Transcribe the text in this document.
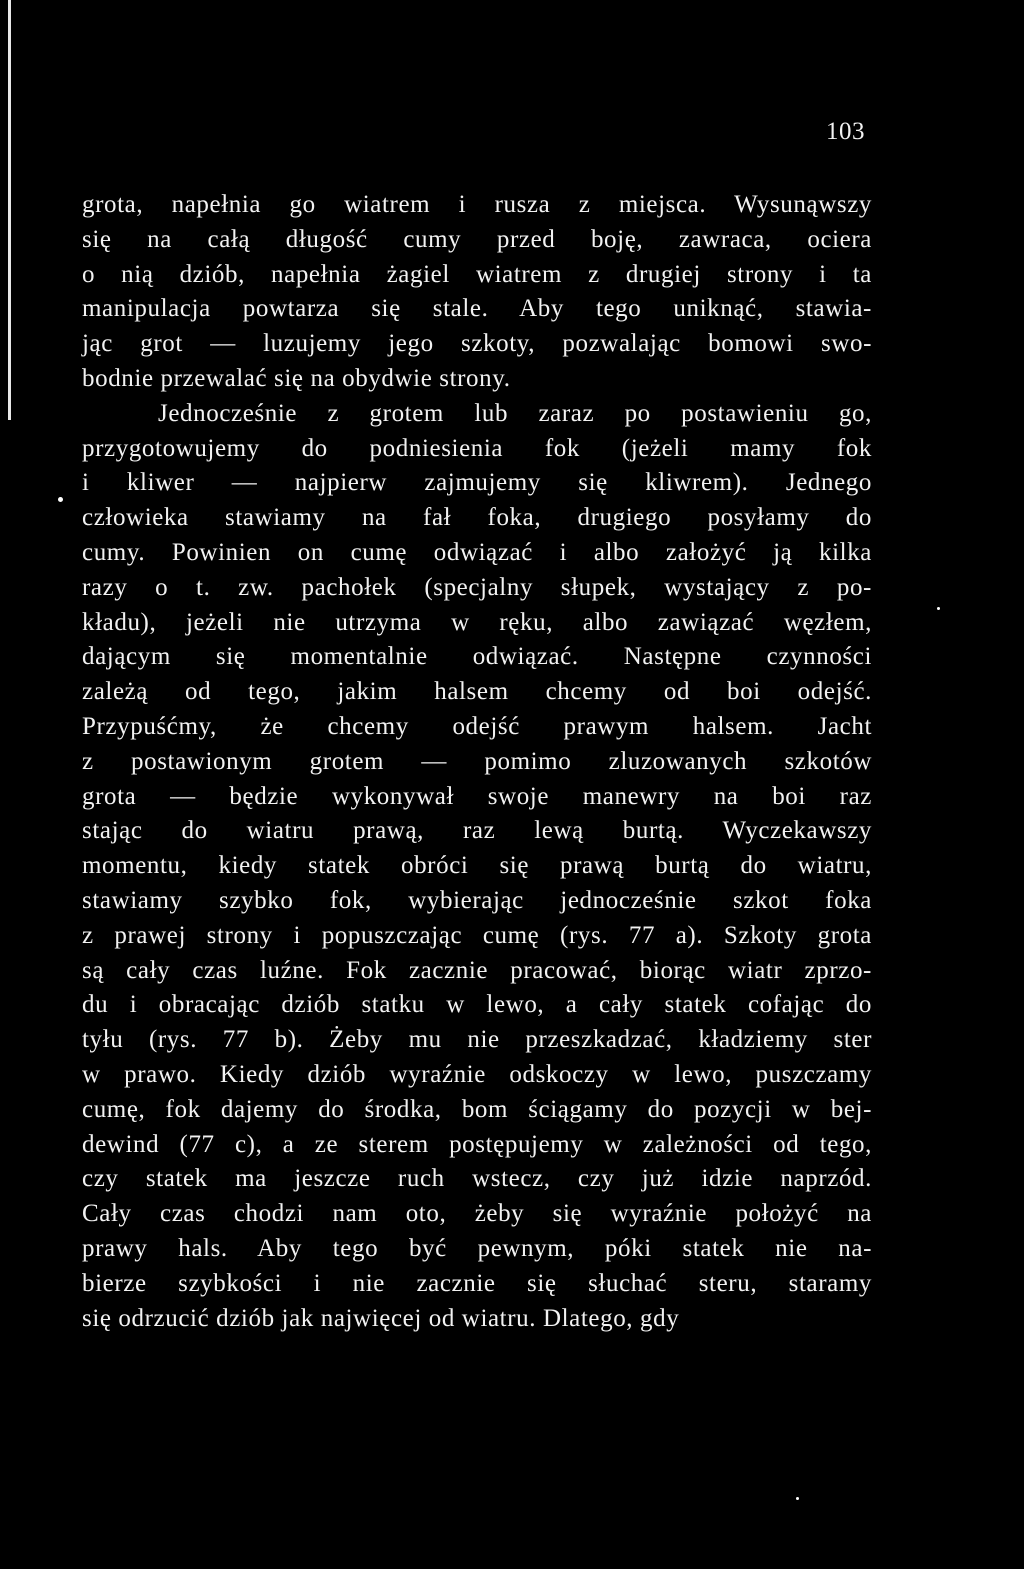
103
grota, napełnia go wiatrem i rusza z miejsca. Wysunąwszy
się na całą długość cumy przed boję, zawraca, ociera
o nią dziób, napełnia żagiel wiatrem z drugiej strony i ta
manipulacja powtarza się stale. Aby tego uniknąć, stawia-
jąc grot — luzujemy jego szkoty, pozwalając bomowi swo-
bodnie przewalać się na obydwie strony.
Jednocześnie z grotem lub zaraz po postawieniu go,
przygotowujemy do podniesienia fok (jeżeli mamy fok
i kliwer — najpierw zajmujemy się kliwrem). Jednego
człowieka stawiamy na fał foka, drugiego posyłamy do
cumy. Powinien on cumę odwiązać i albo założyć ją kilka
razy o t. zw. pachołek (specjalny słupek, wystający z po-
kładu), jeżeli nie utrzyma w ręku, albo zawiązać węzłem,
dającym się momentalnie odwiązać. Następne czynności
zależą od tego, jakim halsem chcemy od boi odejść.
Przypuśćmy, że chcemy odejść prawym halsem. Jacht
z postawionym grotem — pomimo zluzowanych szkotów
grota — będzie wykonywał swoje manewry na boi raz
stając do wiatru prawą, raz lewą burtą. Wyczekawszy
momentu, kiedy statek obróci się prawą burtą do wiatru,
stawiamy szybko fok, wybierając jednocześnie szkot foka
z prawej strony i popuszczając cumę (rys. 77 a). Szkoty grota
są cały czas luźne. Fok zacznie pracować, biorąc wiatr zprzo-
du i obracając dziób statku w lewo, a cały statek cofając do
tyłu (rys. 77 b). Żeby mu nie przeszkadzać, kładziemy ster
w prawo. Kiedy dziób wyraźnie odskoczy w lewo, puszczamy
cumę, fok dajemy do środka, bom ściągamy do pozycji w bej-
dewind (77 c), a ze sterem postępujemy w zależności od tego,
czy statek ma jeszcze ruch wstecz, czy już idzie naprzód.
Cały czas chodzi nam oto, żeby się wyraźnie położyć na
prawy hals. Aby tego być pewnym, póki statek nie na-
bierze szybkości i nie zacznie się słuchać steru, staramy
się odrzucić dziób jak najwięcej od wiatru. Dlatego, gdy
